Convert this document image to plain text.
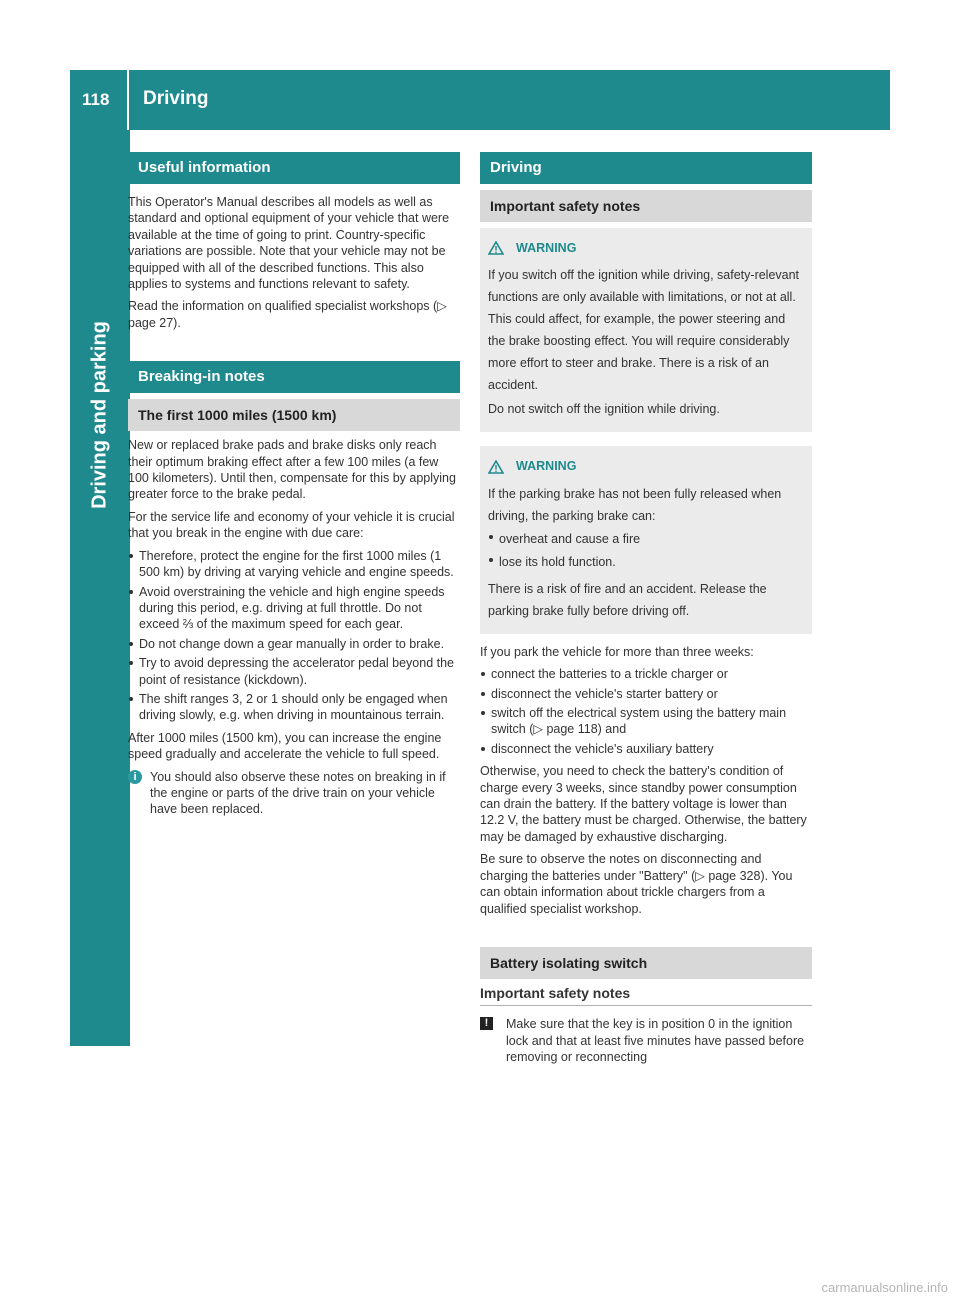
118 Driving
Driving and parking
Useful information

This Operator's Manual describes all models as well as standard and optional equipment of your vehicle that were available at the time of going to print. Country-specific variations are possible. Note that your vehicle may not be equipped with all of the described functions. This also applies to systems and functions relevant to safety.

Read the information on qualified specialist workshops (▷ page 27).

Breaking-in notes
The first 1000 miles (1500 km)

New or replaced brake pads and brake disks only reach their optimum braking effect after a few 100 miles (a few 100 kilometers). Until then, compensate for this by applying greater force to the brake pedal.

For the service life and economy of your vehicle it is crucial that you break in the engine with due care:

Therefore, protect the engine for the first 1000 miles (1 500 km) by driving at varying vehicle and engine speeds.
Avoid overstraining the vehicle and high engine speeds during this period, e.g. driving at full throttle. Do not exceed ⅔ of the maximum speed for each gear.
Do not change down a gear manually in order to brake.
Try to avoid depressing the accelerator pedal beyond the point of resistance (kickdown).
The shift ranges 3, 2 or 1 should only be engaged when driving slowly, e.g. when driving in mountainous terrain.

After 1000 miles (1500 km), you can increase the engine speed gradually and accelerate the vehicle to full speed.

i	You should also observe these notes on breaking in if the engine or parts of the drive train on your vehicle have been replaced.
Driving
Important safety notes
WARNING

If you switch off the ignition while driving, safety-relevant functions are only available with limitations, or not at all. This could affect, for example, the power steering and the brake boosting effect. You will require considerably more effort to steer and brake. There is a risk of an accident.

Do not switch off the ignition while driving.

WARNING

If the parking brake has not been fully released when driving, the parking brake can:

overheat and cause a fire
lose its hold function.

There is a risk of fire and an accident. Release the parking brake fully before driving off.

If you park the vehicle for more than three weeks:

connect the batteries to a trickle charger or
disconnect the vehicle's starter battery or
switch off the electrical system using the battery main switch (▷ page 118) and
disconnect the vehicle's auxiliary battery

Otherwise, you need to check the battery's condition of charge every 3 weeks, since standby power consumption can drain the battery. If the battery voltage is lower than 12.2 V, the battery must be charged. Otherwise, the battery may be damaged by exhaustive discharging.

Be sure to observe the notes on disconnecting and charging the batteries under "Battery" (▷ page 328). You can obtain information about trickle chargers from a qualified specialist workshop.

Battery isolating switch
Important safety notes
!	Make sure that the key is in position 0 in the ignition lock and that at least five minutes have passed before removing or reconnecting
carmanualsonline.info
